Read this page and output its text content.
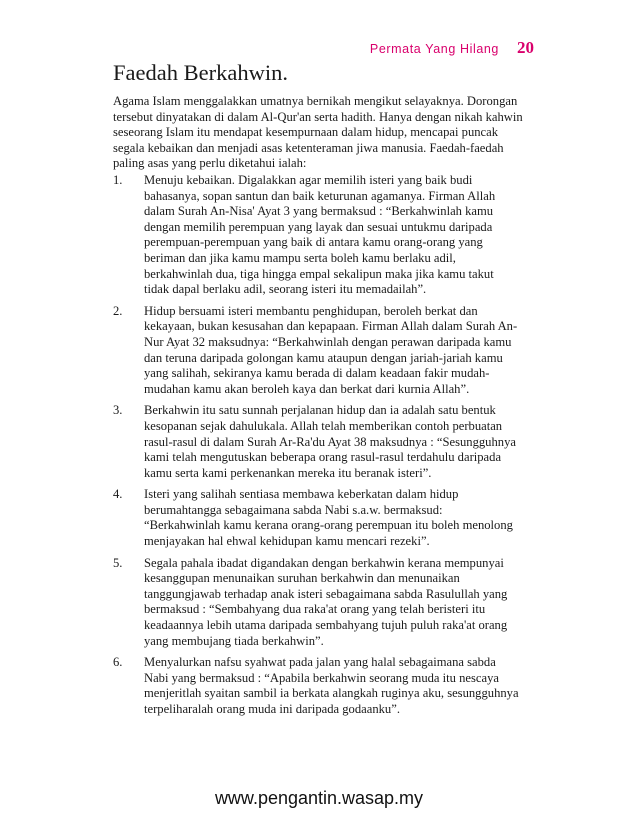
Permata Yang Hilang 20
Faedah Berkahwin.

Agama Islam menggalakkan umatnya bernikah mengikut selayaknya. Dorongan tersebut dinyatakan di dalam Al-Qur'an serta hadith. Hanya dengan nikah kahwin seseorang Islam itu mendapat kesempurnaan dalam hidup, mencapai puncak segala kebaikan dan menjadi asas ketenteraman jiwa manusia. Faedah-faedah paling asas yang perlu diketahui ialah:

1.	Menuju kebaikan. Digalakkan agar memilih isteri yang baik budi bahasanya, sopan santun dan baik keturunan agamanya. Firman Allah dalam Surah An-Nisa' Ayat 3 yang bermaksud : “Berkahwinlah kamu dengan memilih perempuan yang layak dan sesuai untukmu daripada perempuan-perempuan yang baik di antara kamu orang-orang yang beriman dan jika kamu mampu serta boleh kamu berlaku adil, berkahwinlah dua, tiga hingga empal sekalipun maka jika kamu takut tidak dapal berlaku adil, seorang isteri itu memadailah”.

2.	Hidup bersuami isteri membantu penghidupan, beroleh berkat dan kekayaan, bukan kesusahan dan kepapaan. Firman Allah dalam Surah An-Nur Ayat 32 maksudnya: “Berkahwinlah dengan perawan daripada kamu dan teruna daripada golongan kamu ataupun dengan jariah-jariah kamu yang salihah, sekiranya kamu berada di dalam keadaan fakir mudah-mudahan kamu akan beroleh kaya dan berkat dari kurnia Allah”.

3.	Berkahwin itu satu sunnah perjalanan hidup dan ia adalah satu bentuk kesopanan sejak dahulukala. Allah telah memberikan contoh perbuatan rasul-rasul di dalam Surah Ar-Ra'du Ayat 38 maksudnya : “Sesungguhnya kami telah mengutuskan beberapa orang rasul-rasul terdahulu daripada kamu serta kami perkenankan mereka itu beranak isteri”.

4.	Isteri yang salihah sentiasa membawa keberkatan dalam hidup berumahtangga sebagaimana sabda Nabi s.a.w. bermaksud: “Berkahwinlah kamu kerana orang-orang perempuan itu boleh menolong menjayakan hal ehwal kehidupan kamu mencari rezeki”.

5.	Segala pahala ibadat digandakan dengan berkahwin kerana mempunyai kesanggupan menunaikan suruhan berkahwin dan menunaikan tanggungjawab terhadap anak isteri sebagaimana sabda Rasulullah yang bermaksud : “Sembahyang dua raka'at orang yang telah beristeri itu keadaannya lebih utama daripada sembahyang tujuh puluh raka'at orang yang membujang tiada berkahwin”.

6.	Menyalurkan nafsu syahwat pada jalan yang halal sebagaimana sabda Nabi yang bermaksud : “Apabila berkahwin seorang muda itu nescaya menjeritlah syaitan sambil ia berkata alangkah ruginya aku, sesungguhnya terpeliharalah orang muda ini daripada godaanku”.

www.pengantin.wasap.my
